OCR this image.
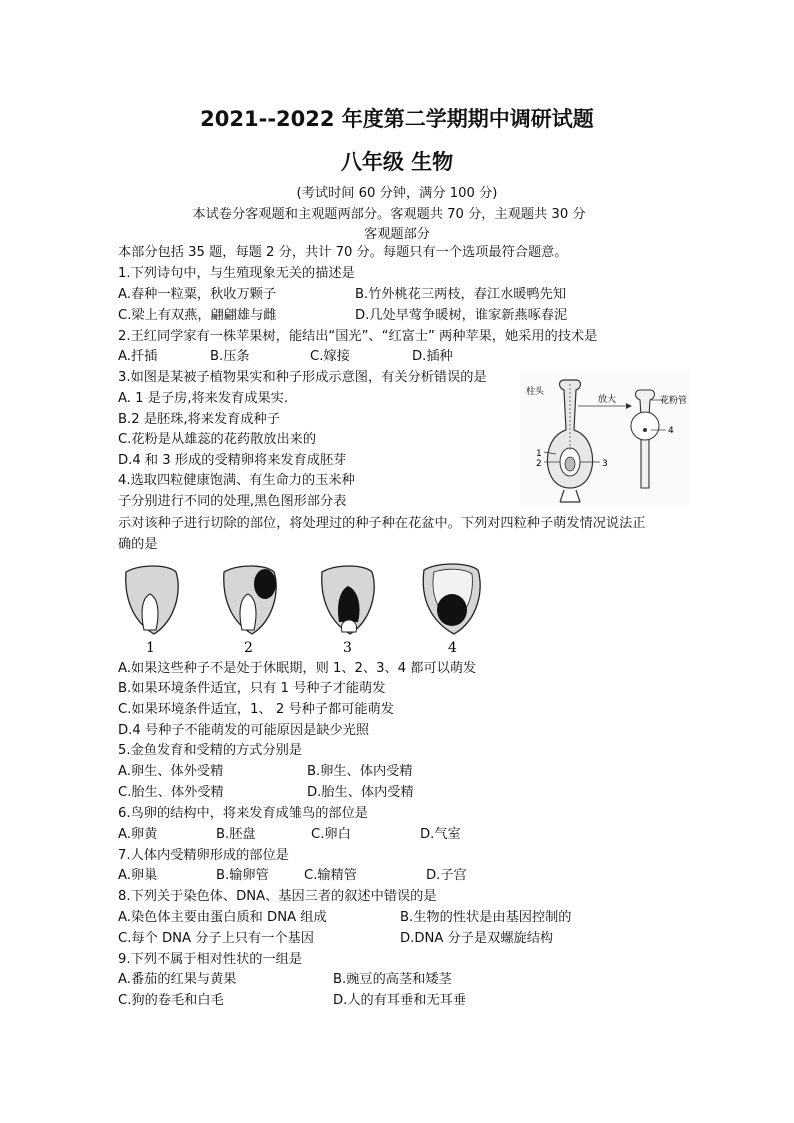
2021--2022 年度第二学期期中调研试题
八年级 生物
(考试时间 60 分钟，满分 100 分)
本试卷分客观题和主观题两部分。客观题共 70 分，主观题共 30 分
客观题部分
本部分包括 35 题，每题 2 分，共计 70 分。每题只有一个选项最符合题意。
1.下列诗句中，与生殖现象无关的描述是
A.春种一粒粟，秋收万颗子	B.竹外桃花三两枝，春江水暖鸭先知
C.梁上有双燕，翩翩雄与雌	D.几处早莺争暖树，谁家新燕啄春泥
2.王红同学家有一株苹果树，能结出“国光”、“红富士” 两种苹果，她采用的技术是
A.扦插	B.压条	C.嫁接	D.插种
3.如图是某被子植物果实和种子形成示意图，有关分析错误的是
A. 1 是子房,将来发育成果实.
B.2 是胚珠,将来发育成种子
C.花粉是从雄蕊的花药散放出来的
D.4 和 3 形成的受精卵将来发育成胚芽
柱头
放大	花粉管
1
2	3
4
4.选取四粒健康饱满、有生命力的玉米种
子分别进行不同的处理,黑色图形部分表
示对该种子进行切除的部位，将处理过的种子种在花盆中。下列对四粒种子萌发情况说法正
确的是
1	2	3	4
A.如果这些种子不是处于休眠期，则 1、2、3、4 都可以萌发
B.如果环境条件适宜，只有 1 号种子才能萌发
C.如果环境条件适宜，1、 2 号种子都可能萌发
D.4 号种子不能萌发的可能原因是缺少光照
5.金鱼发育和受精的方式分别是
A.卵生、体外受精	B.卵生、体内受精
C.胎生、体外受精	D.胎生、体内受精
6.鸟卵的结构中，将来发育成雏鸟的部位是
A.卵黄	B.胚盘	C.卵白	D.气室
7.人体内受精卵形成的部位是
A.卵巢	B.输卵管	C.输精管	D.子宫
8.下列关于染色体、DNA、基因三者的叙述中错误的是
A.染色体主要由蛋白质和 DNA 组成	B.生物的性状是由基因控制的
C.每个 DNA 分子上只有一个基因	D.DNA 分子是双螺旋结构
9.下列不属于相对性状的一组是
A.番茄的红果与黄果	B.豌豆的高茎和矮茎
C.狗的卷毛和白毛	D.人的有耳垂和无耳垂
